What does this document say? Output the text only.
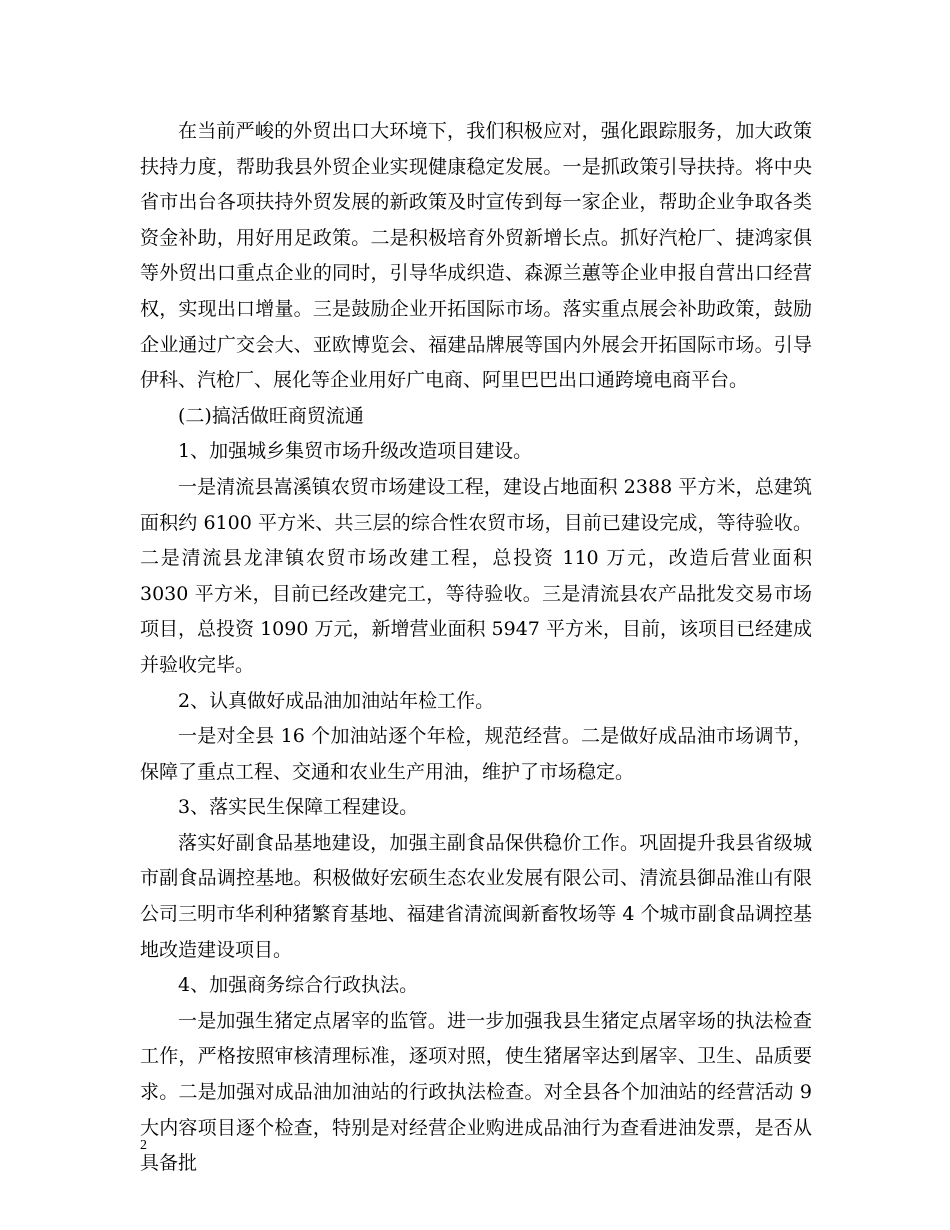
在当前严峻的外贸出口大环境下，我们积极应对，强化跟踪服务，加大政策扶持力度，帮助我县外贸企业实现健康稳定发展。一是抓政策引导扶持。将中央省市出台各项扶持外贸发展的新政策及时宣传到每一家企业，帮助企业争取各类资金补助，用好用足政策。二是积极培育外贸新增长点。抓好汽枪厂、捷鸿家俱等外贸出口重点企业的同时，引导华成织造、森源兰蕙等企业申报自营出口经营权，实现出口增量。三是鼓励企业开拓国际市场。落实重点展会补助政策，鼓励企业通过广交会大、亚欧博览会、福建品牌展等国内外展会开拓国际市场。引导伊科、汽枪厂、展化等企业用好广电商、阿里巴巴出口通跨境电商平台。

(二)搞活做旺商贸流通

1、加强城乡集贸市场升级改造项目建设。

一是清流县嵩溪镇农贸市场建设工程，建设占地面积 2388 平方米，总建筑面积约 6100 平方米、共三层的综合性农贸市场，目前已建设完成，等待验收。二是清流县龙津镇农贸市场改建工程，总投资 110 万元，改造后营业面积 3030 平方米，目前已经改建完工，等待验收。三是清流县农产品批发交易市场项目，总投资 1090 万元，新增营业面积 5947 平方米，目前，该项目已经建成并验收完毕。

2、认真做好成品油加油站年检工作。

一是对全县 16 个加油站逐个年检，规范经营。二是做好成品油市场调节，保障了重点工程、交通和农业生产用油，维护了市场稳定。

3、落实民生保障工程建设。

落实好副食品基地建设，加强主副食品保供稳价工作。巩固提升我县省级城市副食品调控基地。积极做好宏硕生态农业发展有限公司、清流县御品淮山有限公司三明市华利种猪繁育基地、福建省清流闽新畜牧场等 4 个城市副食品调控基地改造建设项目。

4、加强商务综合行政执法。

一是加强生猪定点屠宰的监管。进一步加强我县生猪定点屠宰场的执法检查工作，严格按照审核清理标准，逐项对照，使生猪屠宰达到屠宰、卫生、品质要求。二是加强对成品油加油站的行政执法检查。对全县各个加油站的经营活动 9 大内容项目逐个检查，特别是对经营企业购进成品油行为查看进油发票，是否从具备批

2
